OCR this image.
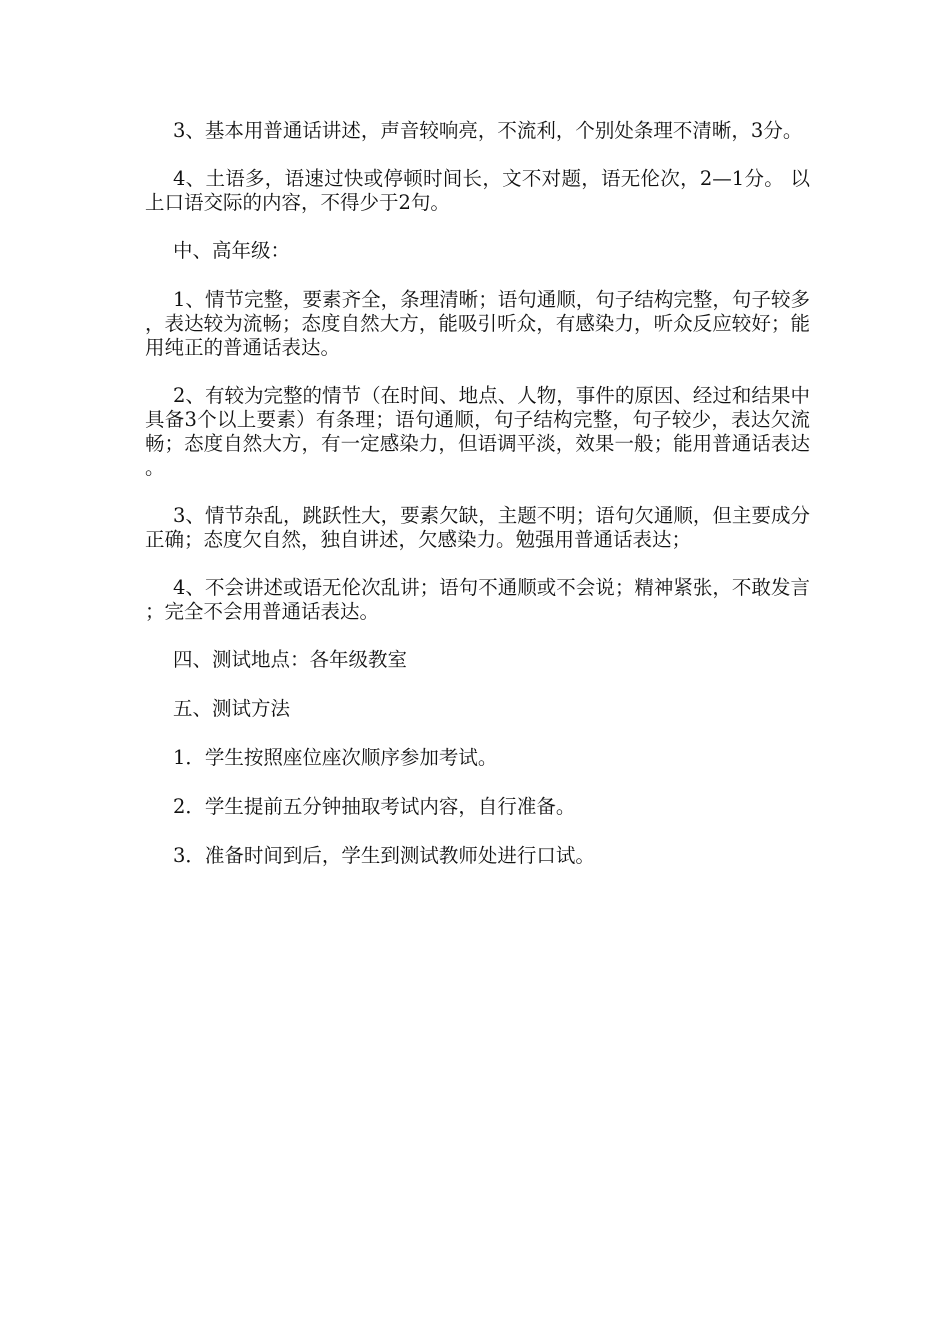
3、基本用普通话讲述，声音较响亮，不流利，个别处条理不清晰，3分。

4、土语多，语速过快或停顿时间长，文不对题，语无伦次，2—1分。 以上口语交际的内容，不得少于2句。

中、高年级：

1、情节完整，要素齐全，条理清晰；语句通顺，句子结构完整，句子较多，表达较为流畅；态度自然大方，能吸引听众，有感染力，听众反应较好；能用纯正的普通话表达。

2、有较为完整的情节（在时间、地点、人物，事件的原因、经过和结果中具备3个以上要素）有条理；语句通顺，句子结构完整，句子较少，表达欠流畅；态度自然大方，有一定感染力，但语调平淡，效果一般；能用普通话表达。

3、情节杂乱，跳跃性大，要素欠缺，主题不明；语句欠通顺，但主要成分正确；态度欠自然，独自讲述，欠感染力。勉强用普通话表达；

4、不会讲述或语无伦次乱讲；语句不通顺或不会说；精神紧张，不敢发言；完全不会用普通话表达。

四、测试地点：各年级教室

五、测试方法

1．学生按照座位座次顺序参加考试。

2．学生提前五分钟抽取考试内容，自行准备。

3．准备时间到后，学生到测试教师处进行口试。
